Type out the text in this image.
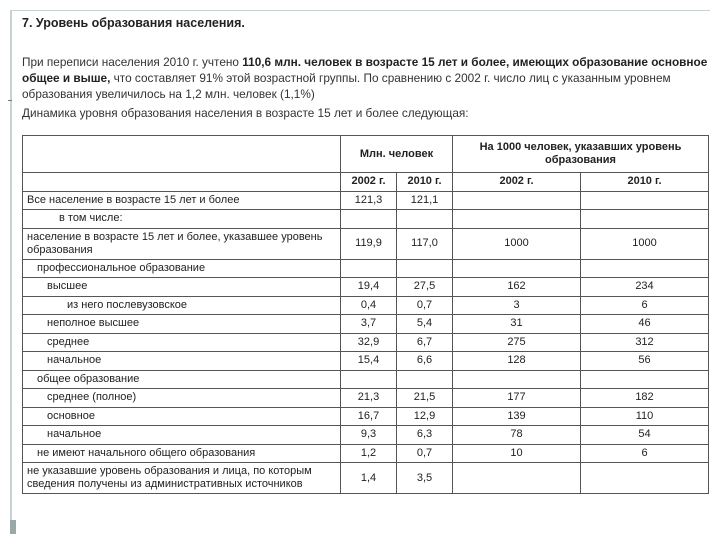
7. Уровень образования населения.

При переписи населения 2010 г. учтено 110,6 млн. человек в возрасте 15 лет и более, имеющих образование основное общее и выше, что составляет 91% этой возрастной группы. По сравнению с 2002 г. число лиц с указанным уровнем образования увеличилось на 1,2 млн. человек (1,1%)

Динамика уровня образования населения в возрасте 15 лет и более следующая:

	Млн. человек		На 1000 человек, указавших уровень образования	
	2002 г.	2010 г.	2002 г.	2010 г.
Все население в возрасте 15 лет и более	121,3	121,1		
в том числе:				
население в возрасте 15 лет и более, указавшее уровень образования	119,9	117,0	1000	1000
профессиональное образование				
высшее	19,4	27,5	162	234
из него послевузовское	0,4	0,7	3	6
неполное высшее	3,7	5,4	31	46
среднее	32,9	6,7	275	312
начальное	15,4	6,6	128	56
общее образование				
среднее (полное)	21,3	21,5	177	182
основное	16,7	12,9	139	110
начальное	9,3	6,3	78	54
не имеют начального общего образования	1,2	0,7	10	6
не указавшие уровень образования и лица, по которым сведения получены из административных источников	1,4	3,5		
